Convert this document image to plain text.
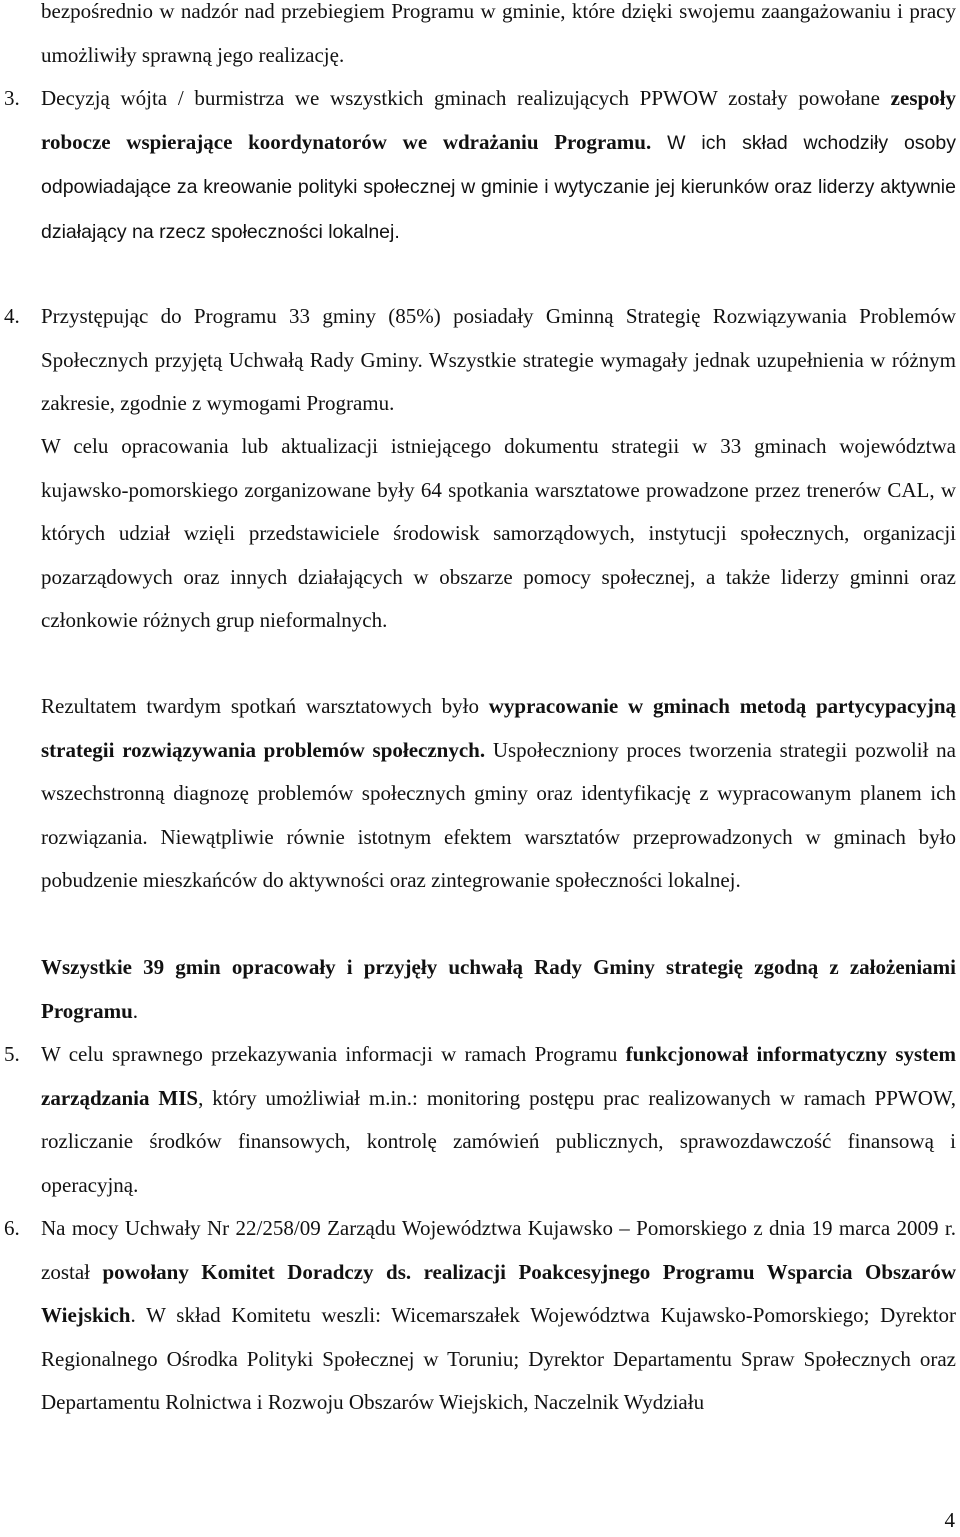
bezpośrednio w nadzór nad przebiegiem Programu w gminie, które dzięki swojemu zaangażowaniu i pracy umożliwiły sprawną jego realizację.

3. Decyzją wójta / burmistrza we wszystkich gminach realizujących PPWOW zostały powołane zespoły robocze wspierające koordynatorów we wdrażaniu Programu. W ich skład wchodziły osoby odpowiadające za kreowanie polityki społecznej w gminie i wytyczanie jej kierunków oraz liderzy aktywnie działający na rzecz społeczności lokalnej.

4. Przystępując do Programu 33 gminy (85%) posiadały Gminną Strategię Rozwiązywania Problemów Społecznych przyjętą Uchwałą Rady Gminy. Wszystkie strategie wymagały jednak uzupełnienia w różnym zakresie, zgodnie z wymogami Programu.

W celu opracowania lub aktualizacji istniejącego dokumentu strategii w 33 gminach województwa kujawsko-pomorskiego zorganizowane były 64 spotkania warsztatowe prowadzone przez trenerów CAL, w których udział wzięli przedstawiciele środowisk samorządowych, instytucji społecznych, organizacji pozarządowych oraz innych działających w obszarze pomocy społecznej, a także liderzy gminni oraz członkowie różnych grup nieformalnych.

Rezultatem twardym spotkań warsztatowych było wypracowanie w gminach metodą partycypacyjną strategii rozwiązywania problemów społecznych. Uspołeczniony proces tworzenia strategii pozwolił na wszechstronną diagnozę problemów społecznych gminy oraz identyfikację z wypracowanym planem ich rozwiązania. Niewątpliwie równie istotnym efektem warsztatów przeprowadzonych w gminach było pobudzenie mieszkańców do aktywności oraz zintegrowanie społeczności lokalnej.

Wszystkie 39 gmin opracowały i przyjęły uchwałą Rady Gminy strategię zgodną z założeniami Programu.

5. W celu sprawnego przekazywania informacji w ramach Programu funkcjonował informatyczny system zarządzania MIS, który umożliwiał m.in.: monitoring postępu prac realizowanych w ramach PPWOW, rozliczanie środków finansowych, kontrolę zamówień publicznych, sprawozdawczość finansową i operacyjną.

6. Na mocy Uchwały Nr 22/258/09 Zarządu Województwa Kujawsko – Pomorskiego z dnia 19 marca 2009 r. został powołany Komitet Doradczy ds. realizacji Poakcesyjnego Programu Wsparcia Obszarów Wiejskich. W skład Komitetu weszli: Wicemarszałek Województwa Kujawsko-Pomorskiego; Dyrektor Regionalnego Ośrodka Polityki Społecznej w Toruniu; Dyrektor Departamentu Spraw Społecznych oraz Departamentu Rolnictwa i Rozwoju Obszarów Wiejskich, Naczelnik Wydziału

4
